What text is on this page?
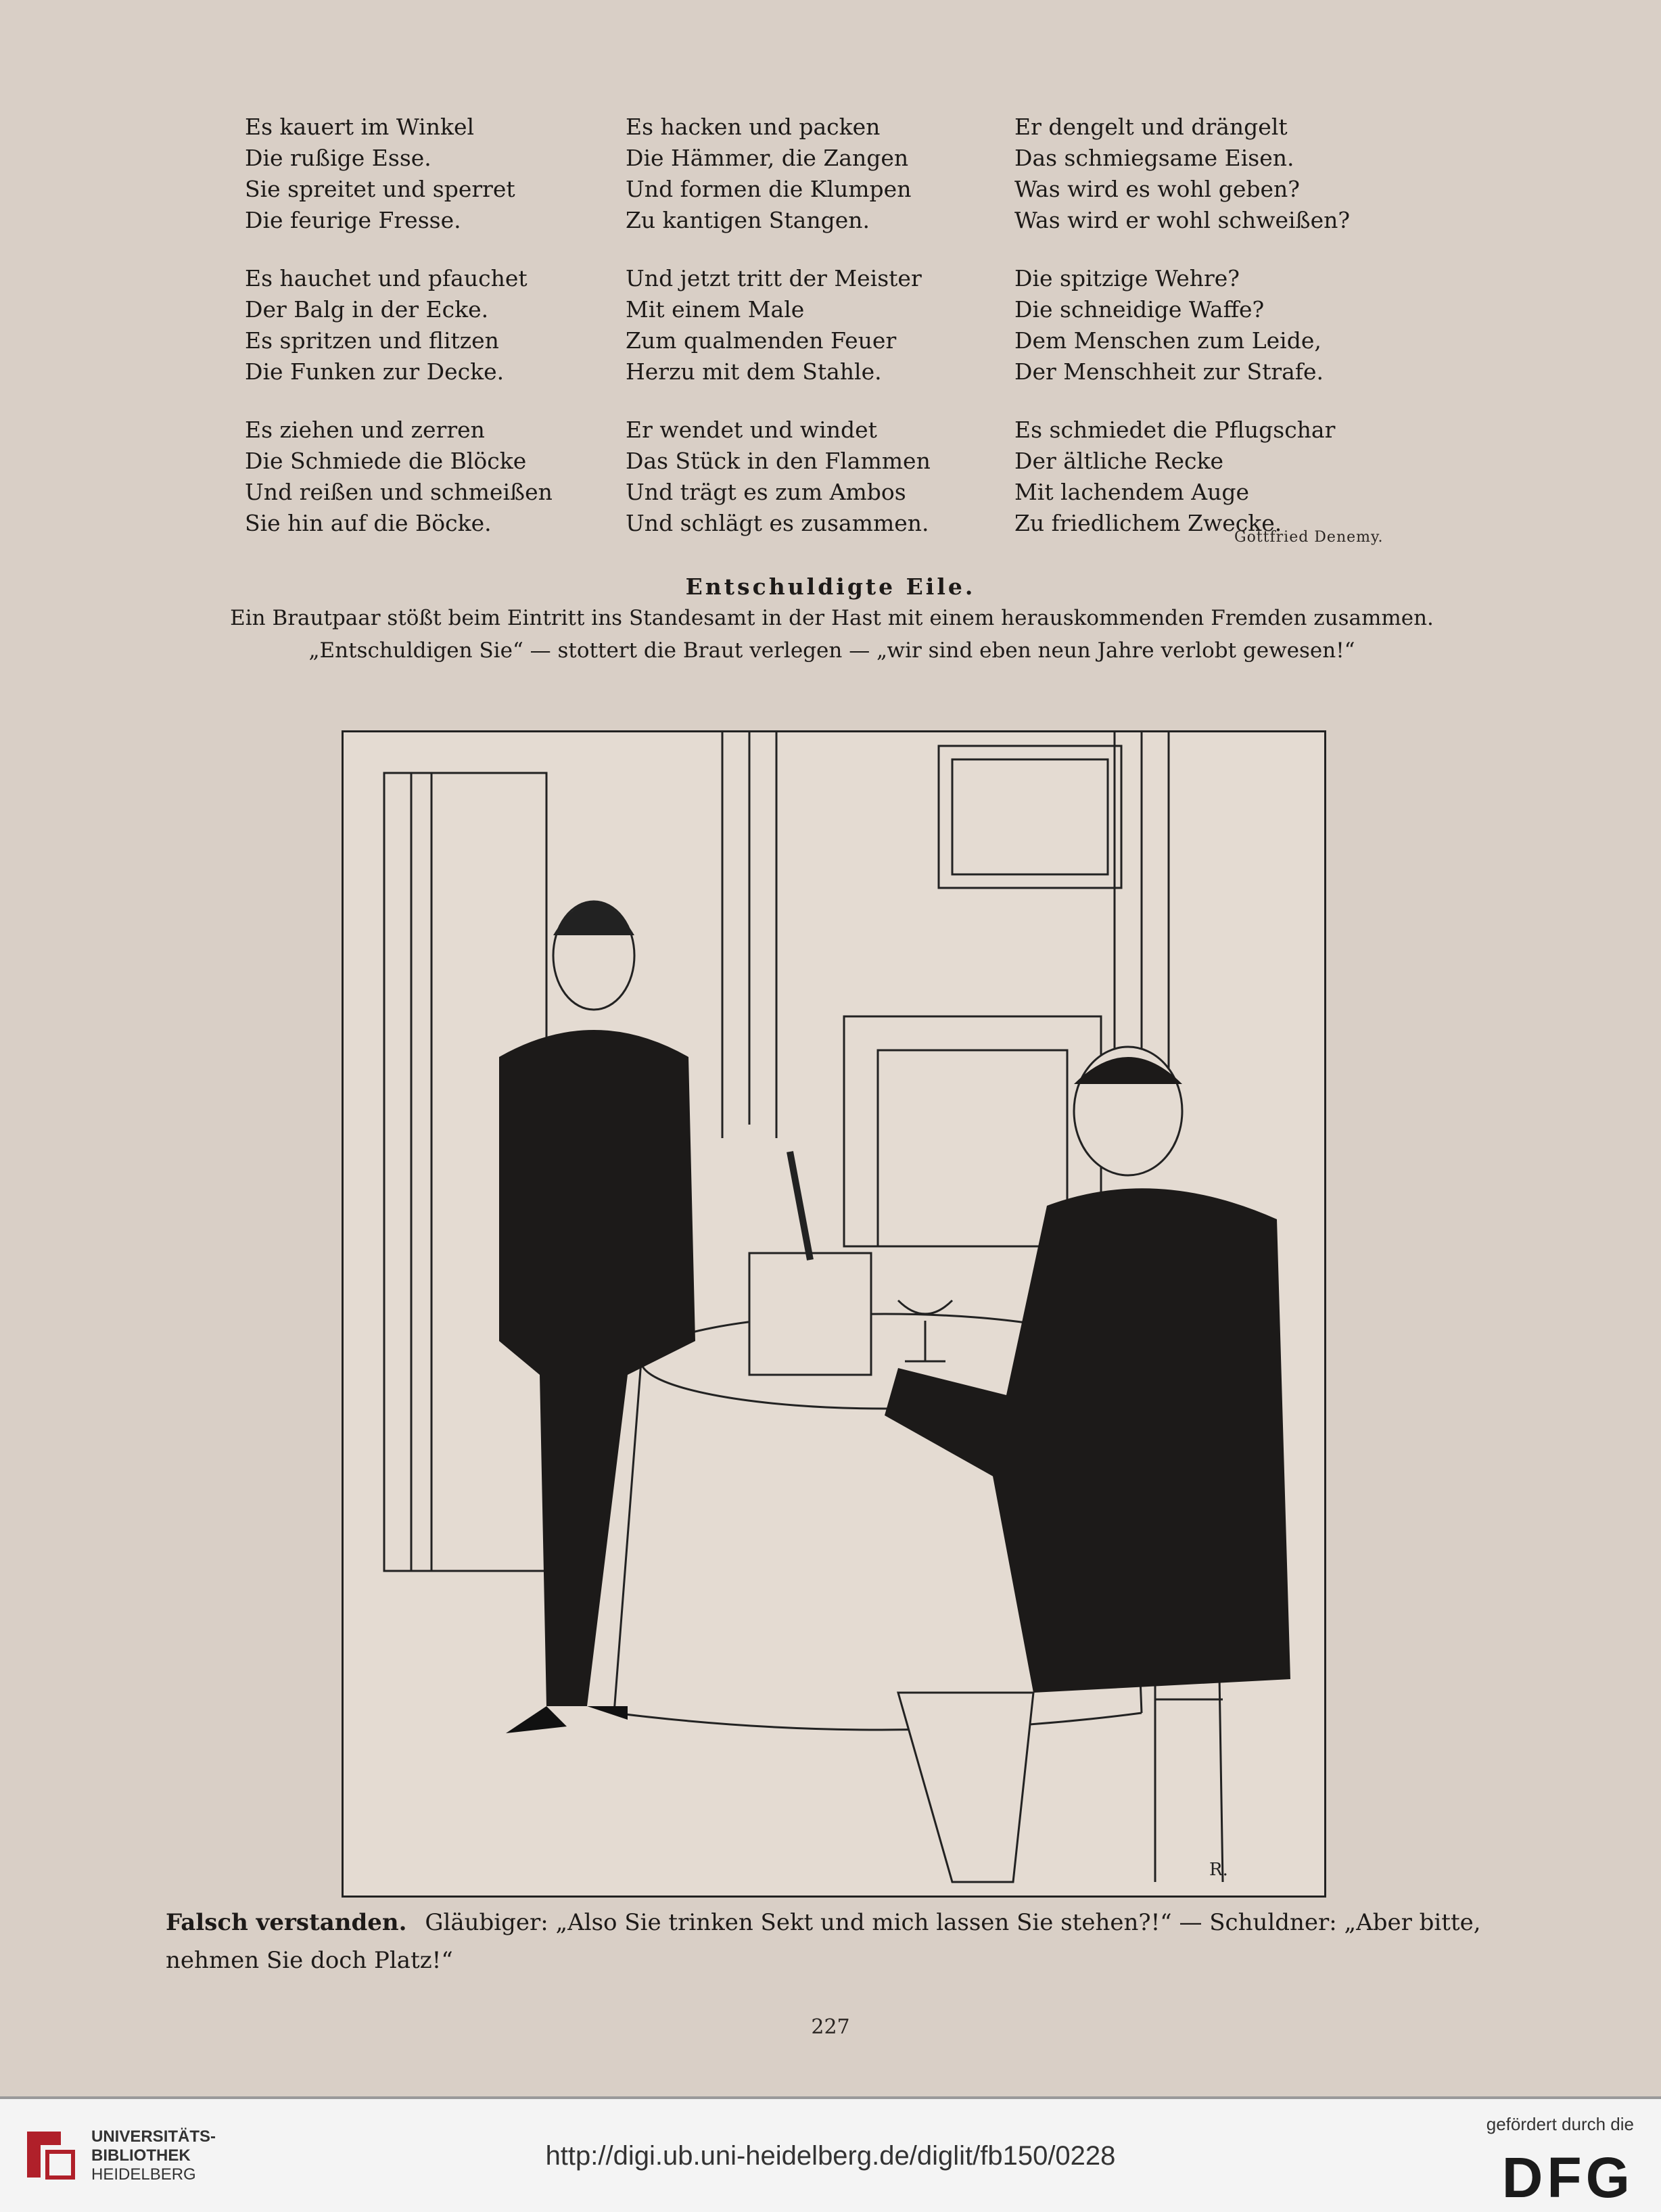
Es kauert im Winkel
Die rußige Esse.
Sie spreitet und sperret
Die feurige Fresse.
Es hauchet und pfauchet
Der Balg in der Ecke.
Es spritzen und flitzen
Die Funken zur Decke.
Es ziehen und zerren
Die Schmiede die Blöcke
Und reißen und schmeißen
Sie hin auf die Böcke.
Es hacken und packen
Die Hämmer, die Zangen
Und formen die Klumpen
Zu kantigen Stangen.
Und jetzt tritt der Meister
Mit einem Male
Zum qualmenden Feuer
Herzu mit dem Stahle.
Er wendet und windet
Das Stück in den Flammen
Und trägt es zum Ambos
Und schlägt es zusammen.
Er dengelt und drängelt
Das schmiegsame Eisen.
Was wird es wohl geben?
Was wird er wohl schweißen?
Die spitzige Wehre?
Die schneidige Waffe?
Dem Menschen zum Leide,
Der Menschheit zur Strafe.
Es schmiedet die Pflugschar
Der ältliche Recke
Mit lachendem Auge
Zu friedlichem Zwecke.
Gottfried Denemy.
Entschuldigte Eile.
Ein Brautpaar stößt beim Eintritt ins Standesamt in der Hast mit einem herauskommenden Fremden zusammen. „Entschuldigen Sie“ — stottert die Braut verlegen — „wir sind eben neun Jahre verlobt gewesen!“
R.
Falsch verstanden. Gläubiger: „Also Sie trinken Sekt und mich lassen Sie stehen?!“ — Schuldner: „Aber bitte, nehmen Sie doch Platz!“
227
UNIVERSITÄTS-
BIBLIOTHEK
HEIDELBERG
http://digi.ub.uni-heidelberg.de/diglit/fb150/0228
gefördert durch die
DFG
